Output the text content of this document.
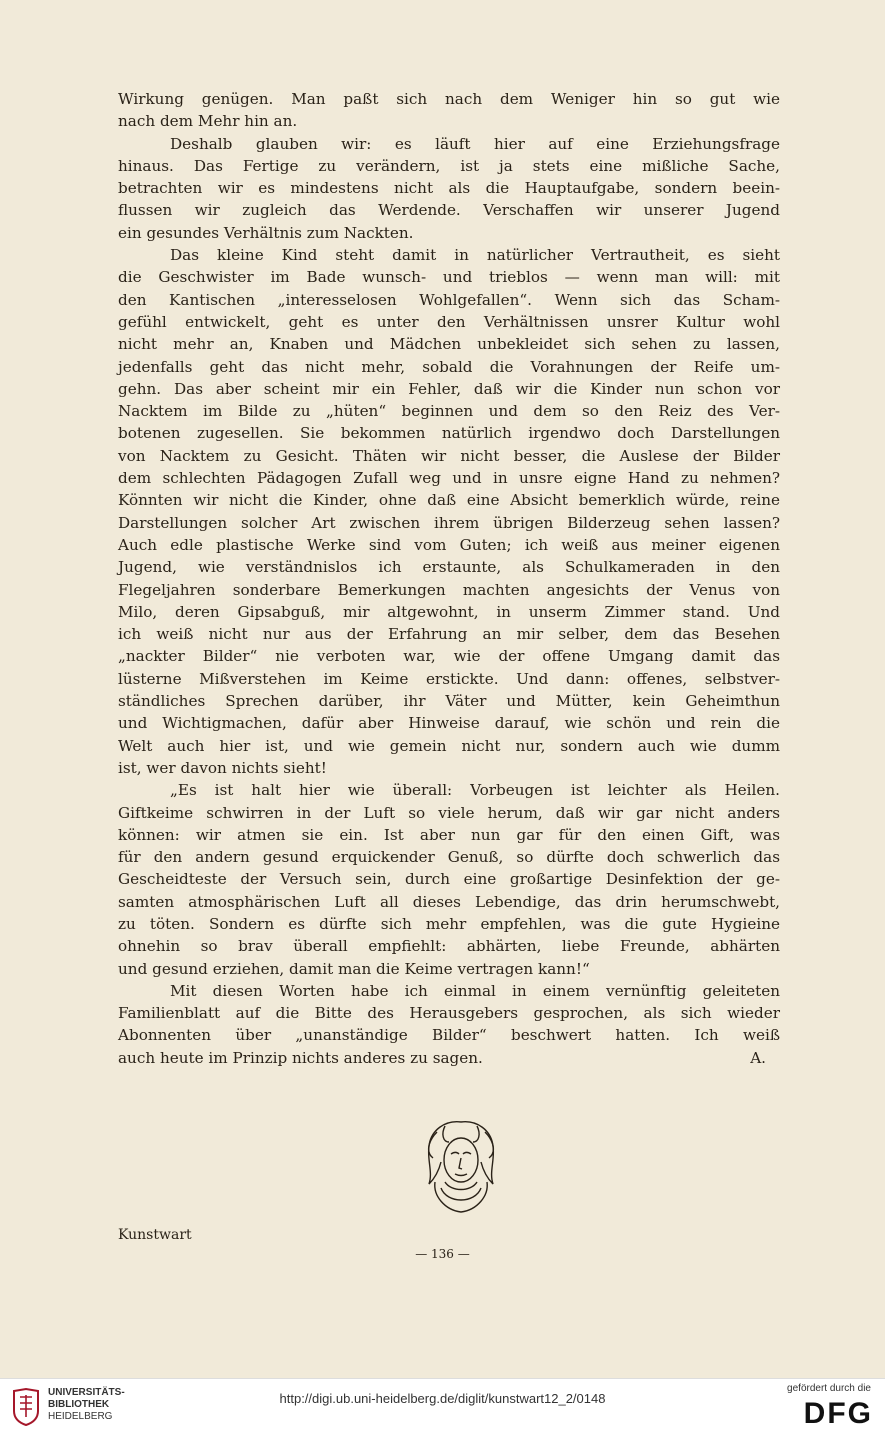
Wirkung genügen. Man paßt sich nach dem Weniger hin so gut wie
nach dem Mehr hin an.
Deshalb glauben wir: es läuft hier auf eine Erziehungsfrage
hinaus. Das Fertige zu verändern, ist ja stets eine mißliche Sache,
betrachten wir es mindestens nicht als die Hauptaufgabe, sondern beein-
flussen wir zugleich das Werdende. Verschaffen wir unserer Jugend
ein gesundes Verhältnis zum Nackten.
Das kleine Kind steht damit in natürlicher Vertrautheit, es sieht
die Geschwister im Bade wunsch- und trieblos — wenn man will: mit
den Kantischen „interesselosen Wohlgefallen“. Wenn sich das Scham-
gefühl entwickelt, geht es unter den Verhältnissen unsrer Kultur wohl
nicht mehr an, Knaben und Mädchen unbekleidet sich sehen zu lassen,
jedenfalls geht das nicht mehr, sobald die Vorahnungen der Reife um-
gehn. Das aber scheint mir ein Fehler, daß wir die Kinder nun schon vor
Nacktem im Bilde zu „hüten“ beginnen und dem so den Reiz des Ver-
botenen zugesellen. Sie bekommen natürlich irgendwo doch Darstellungen
von Nacktem zu Gesicht. Thäten wir nicht besser, die Auslese der Bilder
dem schlechten Pädagogen Zufall weg und in unsre eigne Hand zu nehmen?
Könnten wir nicht die Kinder, ohne daß eine Absicht bemerklich würde, reine
Darstellungen solcher Art zwischen ihrem übrigen Bilderzeug sehen lassen?
Auch edle plastische Werke sind vom Guten; ich weiß aus meiner eigenen
Jugend, wie verständnislos ich erstaunte, als Schulkameraden in den
Flegeljahren sonderbare Bemerkungen machten angesichts der Venus von
Milo, deren Gipsabguß, mir altgewohnt, in unserm Zimmer stand. Und
ich weiß nicht nur aus der Erfahrung an mir selber, dem das Besehen
„nackter Bilder“ nie verboten war, wie der offene Umgang damit das
lüsterne Mißverstehen im Keime erstickte. Und dann: offenes, selbstver-
ständliches Sprechen darüber, ihr Väter und Mütter, kein Geheimthun
und Wichtigmachen, dafür aber Hinweise darauf, wie schön und rein die
Welt auch hier ist, und wie gemein nicht nur, sondern auch wie dumm
ist, wer davon nichts sieht!
„Es ist halt hier wie überall: Vorbeugen ist leichter als Heilen.
Giftkeime schwirren in der Luft so viele herum, daß wir gar nicht anders
können: wir atmen sie ein. Ist aber nun gar für den einen Gift, was
für den andern gesund erquickender Genuß, so dürfte doch schwerlich das
Gescheidteste der Versuch sein, durch eine großartige Desinfektion der ge-
samten atmosphärischen Luft all dieses Lebendige, das drin herumschwebt,
zu töten. Sondern es dürfte sich mehr empfehlen, was die gute Hygieine
ohnehin so brav überall empfiehlt: abhärten, liebe Freunde, abhärten
und gesund erziehen, damit man die Keime vertragen kann!“
Mit diesen Worten habe ich einmal in einem vernünftig geleiteten
Familienblatt auf die Bitte des Herausgebers gesprochen, als sich wieder
Abonnenten über „unanständige Bilder“ beschwert hatten. Ich weiß
auch heute im Prinzip nichts anderes zu sagen.	A.
Kunstwart
— 136 —
UNIVERSITÄTS-
BIBLIOTHEK
HEIDELBERG
http://digi.ub.uni-heidelberg.de/diglit/kunstwart12_2/0148
gefördert durch die
DFG
